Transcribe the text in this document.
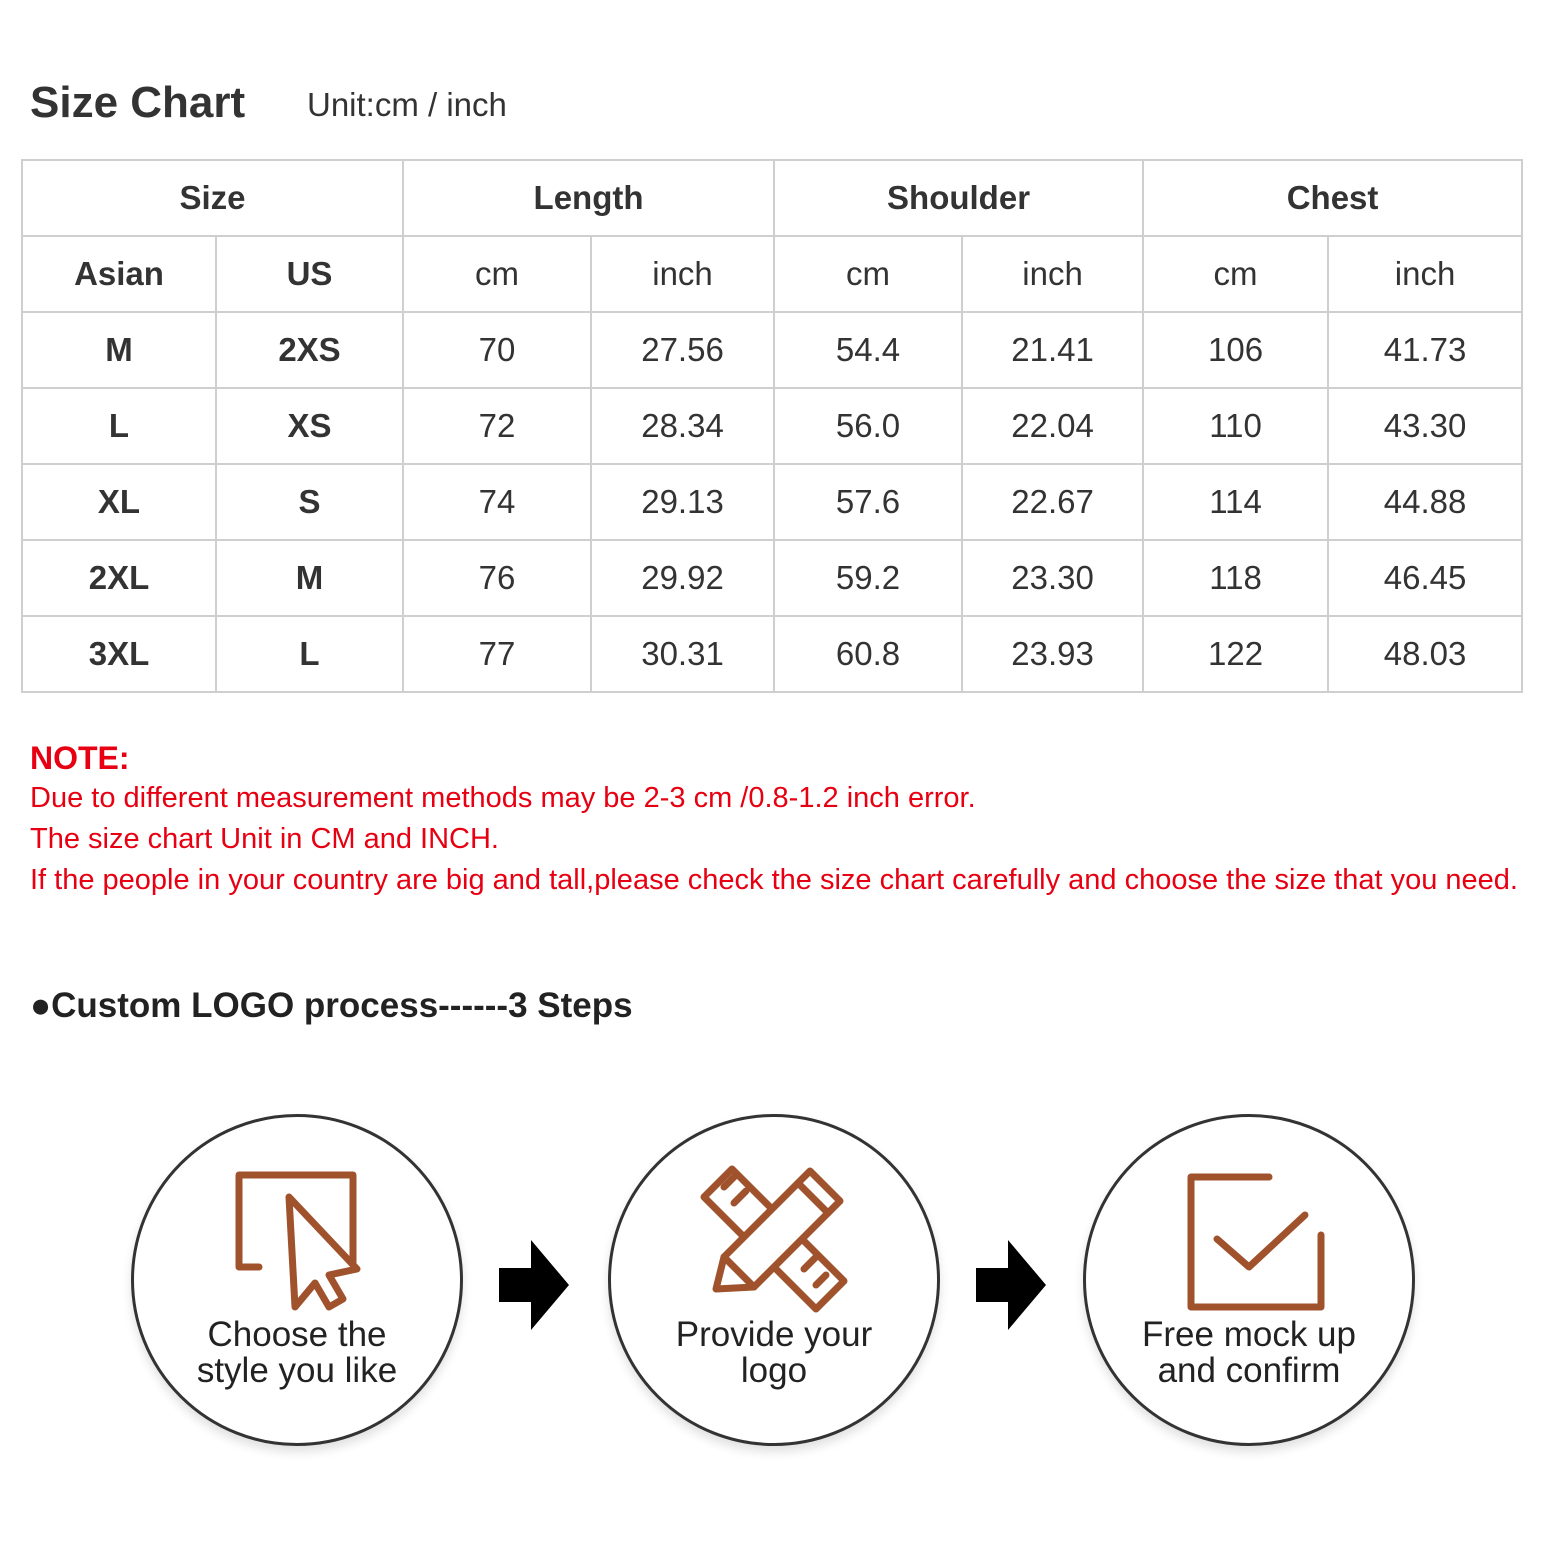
Size Chart Unit:cm / inch
Size		Length		Shoulder		Chest	
Asian	US	cm	inch	cm	inch	cm	inch
M	2XS	70	27.56	54.4	21.41	106	41.73
L	XS	72	28.34	56.0	22.04	110	43.30
XL	S	74	29.13	57.6	22.67	114	44.88
2XL	M	76	29.92	59.2	23.30	118	46.45
3XL	L	77	30.31	60.8	23.93	122	48.03
NOTE:
Due to different measurement methods may be 2-3 cm /0.8-1.2 inch error.
The size chart Unit in CM and INCH.
If the people in your country are big and tall,please check the size chart carefully and choose the size that you need.
●Custom LOGO process------3 Steps
Choose the
style you like
Provide your
logo
Free mock up
and confirm
